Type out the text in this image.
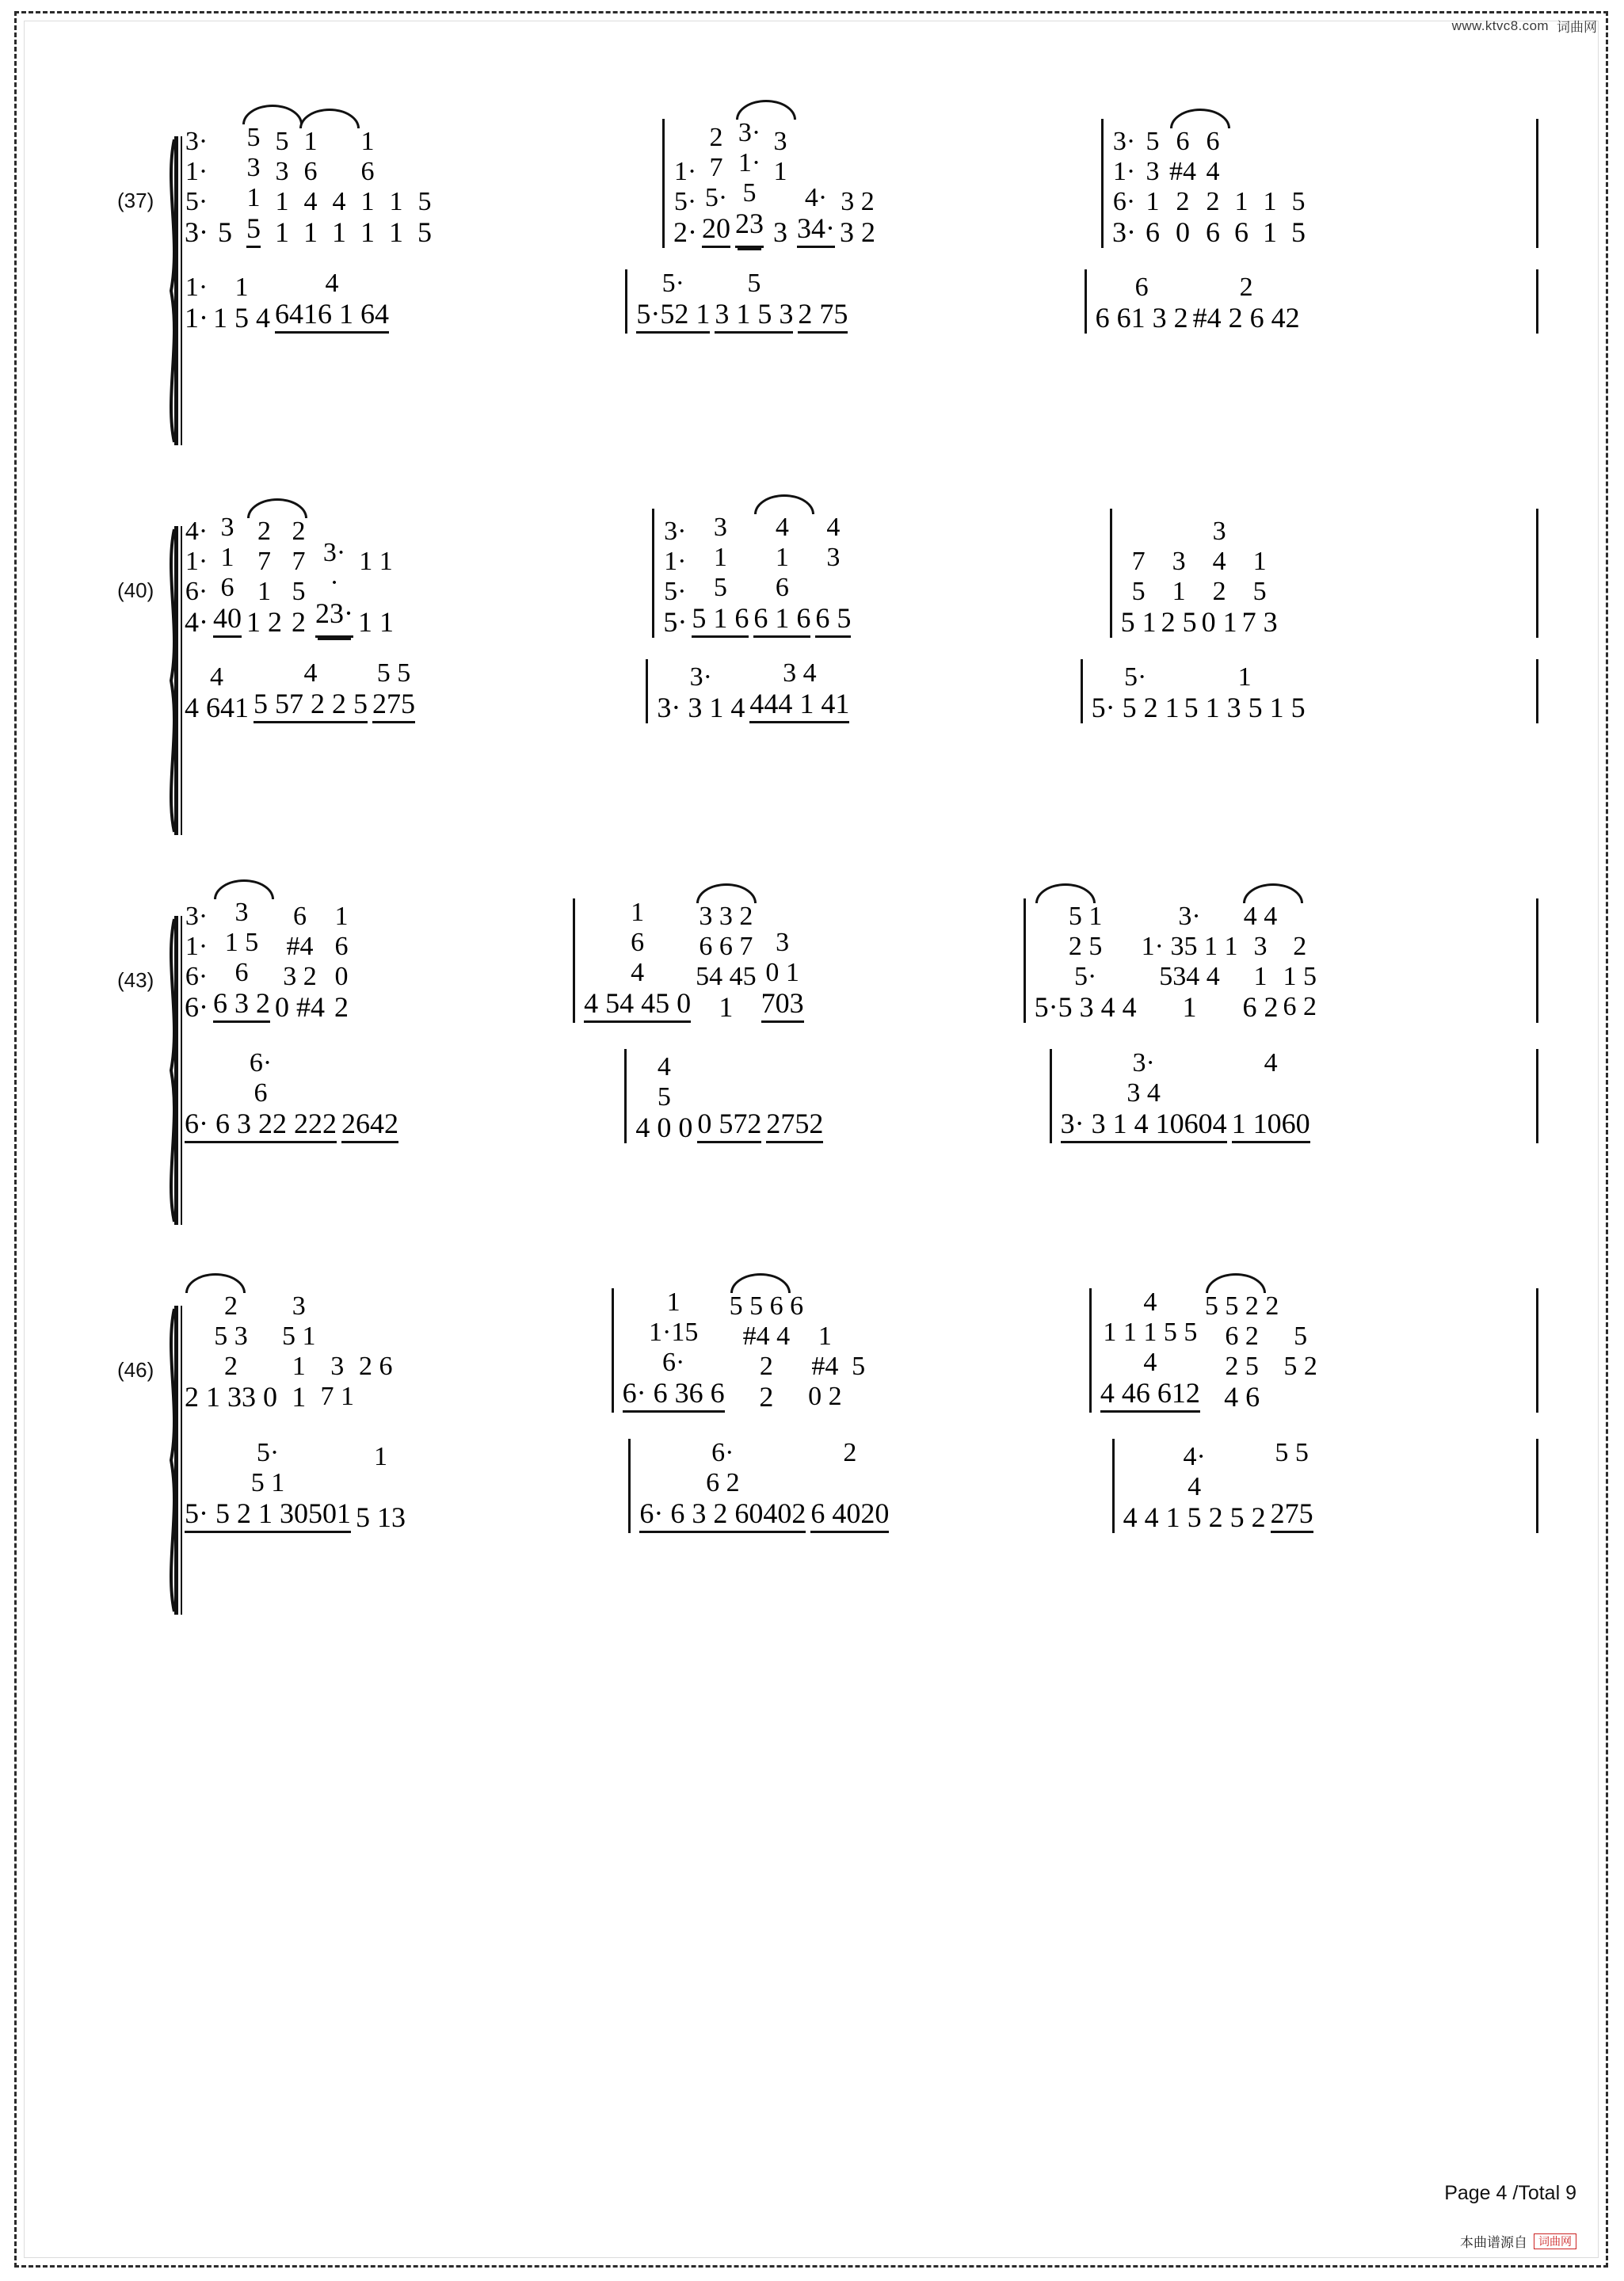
www.ktvc8.com 词曲网
(37)
3·
1·
5·
3· 5
5
3
1
5
5
3
1
1
1
6
4
1
4
1
1
6
1
1
1
1
5
5
1·
5·
2·
2
7
5·
20
3·
1·
5
23
3
1
3
4·
34·
3 2
3 2
3·
1·
6·
3·
5
3
1
6
6
#4
2
0
6
4
2
6
1
6
1
1
5
5
1·
1·
1
1 5 4
4
6416 1 64
5·
5·52 1
5
3 1 5 3 2 75
6
6 61 3 2
2
#4 2 6 42
(40)
4·
1·
6·
4·
3
1
6
40
2
7
1
1 2
2
7
5
2
3·
·
23·
1 1
1 1
3·
1·
5·
5·
3
1
5
5 1 6
4
1
6
6 1 6
4
3
6 5
7
5
5 1
3
1
2 5
3
4
2
0 1
1
5
7 3
4
4 641
4
5 57 2 2 5
5 5
275
3·
3· 3 1 4
3 4
444 1 41
5·
5· 5 2 1
1
5 1 3 5 1 5
(43)
3·
1·
6·
6·
3
1 5
6
6 3 2
6
#4
3 2
0 #4
1
6
0
2
1
6
4
4 54 45 0
3 3 2
6 6 7
54 45
1
3
0 1
703
5 1
2 5
5·
5·5 3 4 4
3·
1· 35 1 1
534 4
1
4 4
3
1
6 2
2
1 5
6 2
6·
6
6· 6 3 22 222 2642
4
5
4 0 0 0 572 2752
3·
3 4
3· 3 1 4 10604
4
1 1060
(46)
2
5 3
2
2 1 33 0
3
5 1
1
1
3
7 1
2 6
1
1·15
6·
6· 6 36 6
5 5 6 6
#4 4
2
2
1
#4
0 2
5
4
1 1 1 5 5
4
4 46 612
5 5 2 2
6 2
2 5
4 6
5
5 2
5·
5 1
5· 5 2 1 30501
1
5 13
6·
6 2
6· 6 3 2 60402
2
6 4020
4·
4
4 4 1 5 2 5 2
5 5
275
Page 4 /Total 9
本曲谱源自	词曲网
